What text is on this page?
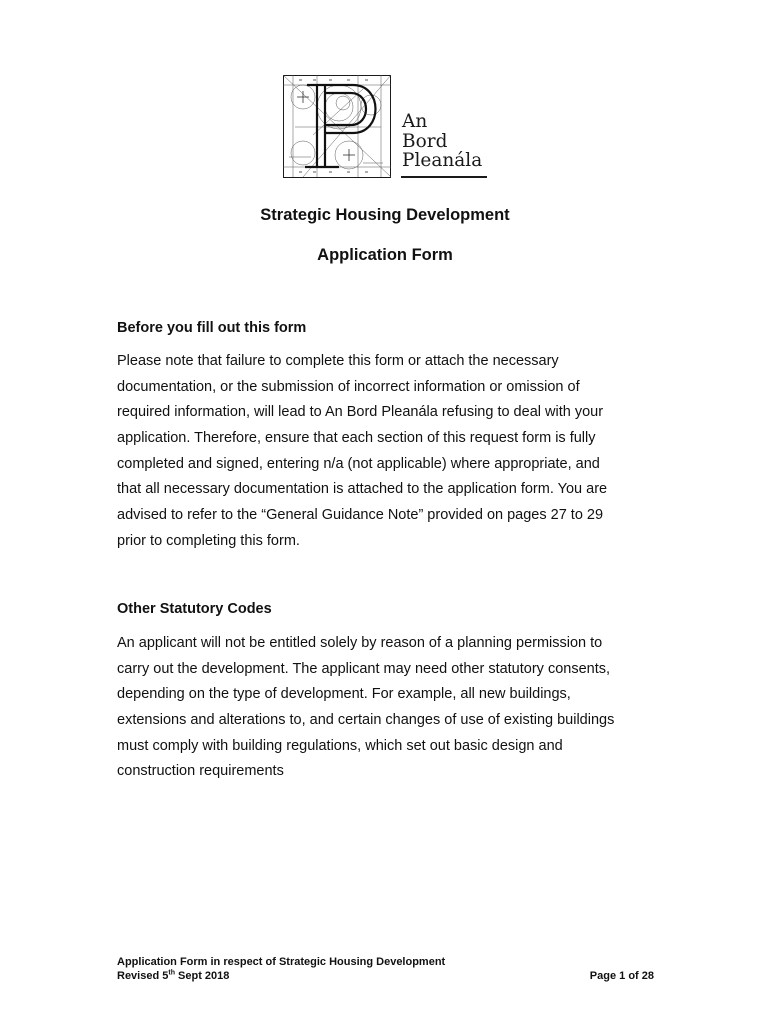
An
Bord
Pleanála
Strategic Housing Development
Application Form
Before you fill out this form
Please note that failure to complete this form or attach the necessary
documentation, or the submission of incorrect information or omission of
required information, will lead to An Bord Pleanála refusing to deal with your
application. Therefore, ensure that each section of this request form is fully
completed and signed, entering n/a (not applicable) where appropriate, and
that all necessary documentation is attached to the application form. You are
advised to refer to the “General Guidance Note” provided on pages 27 to 29
prior to completing this form.
Other Statutory Codes
An applicant will not be entitled solely by reason of a planning permission to
carry out the development. The applicant may need other statutory consents,
depending on the type of development. For example, all new buildings,
extensions and alterations to, and certain changes of use of existing buildings
must comply with building regulations, which set out basic design and
construction requirements
Application Form in respect of Strategic Housing Development
Revised 5th Sept 2018	Page 1 of 28
